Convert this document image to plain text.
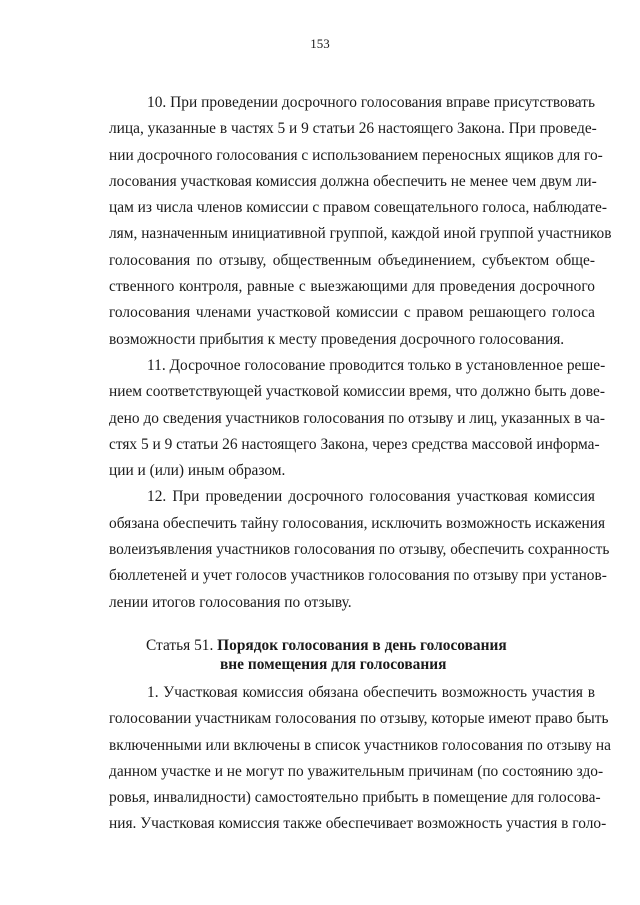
153
10. При проведении досрочного голосования вправе присутствовать
лица, указанные в частях 5 и 9 статьи 26 настоящего Закона. При проведе-
нии досрочного голосования с использованием переносных ящиков для го-
лосования участковая комиссия должна обеспечить не менее чем двум ли-
цам из числа членов комиссии с правом совещательного голоса, наблюдате-
лям, назначенным инициативной группой, каждой иной группой участников
голосования по отзыву, общественным объединением, субъектом обще-
ственного контроля, равные с выезжающими для проведения досрочного
голосования членами участковой комиссии с правом решающего голоса
возможности прибытия к месту проведения досрочного голосования.
11. Досрочное голосование проводится только в установленное реше-
нием соответствующей участковой комиссии время, что должно быть дове-
дено до сведения участников голосования по отзыву и лиц, указанных в ча-
стях 5 и 9 статьи 26 настоящего Закона, через средства массовой информа-
ции и (или) иным образом.
12. При проведении досрочного голосования участковая комиссия
обязана обеспечить тайну голосования, исключить возможность искажения
волеизъявления участников голосования по отзыву, обеспечить сохранность
бюллетеней и учет голосов участников голосования по отзыву при установ-
лении итогов голосования по отзыву.
Статья 51. Порядок голосования в день голосования
вне помещения для голосования
1. Участковая комиссия обязана обеспечить возможность участия в
голосовании участникам голосования по отзыву, которые имеют право быть
включенными или включены в список участников голосования по отзыву на
данном участке и не могут по уважительным причинам (по состоянию здо-
ровья, инвалидности) самостоятельно прибыть в помещение для голосова-
ния. Участковая комиссия также обеспечивает возможность участия в голо-
